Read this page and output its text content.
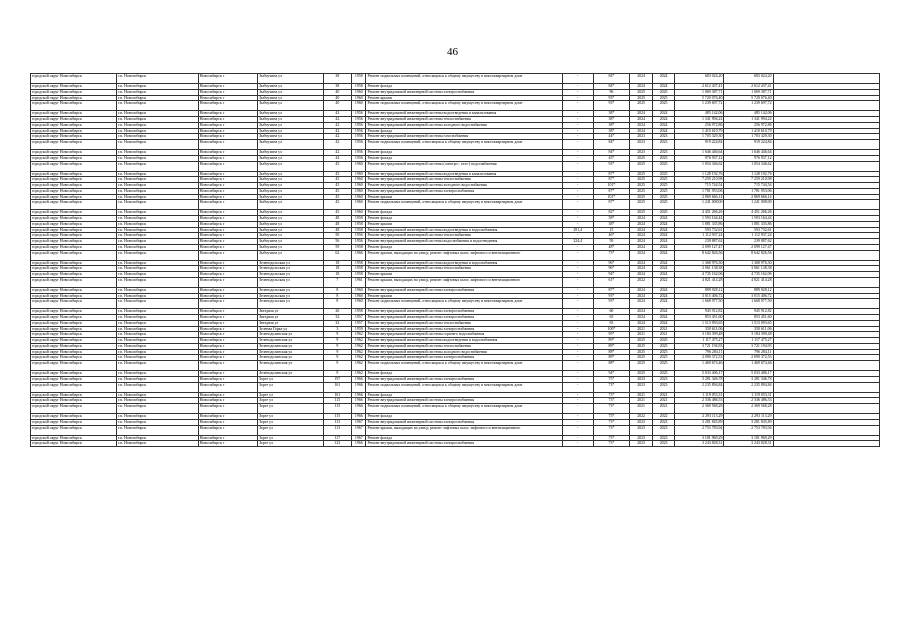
46
городской округ Новосибирск	г.п. Новосибирск	Новосибирск г	Зыбчухина ул	38	1958	Ремонт подвальных помещений, относящихся к общему имуществу в многоквартирном доме	-	84*	2024	2024	683 024,20	683 024,20	
городской округ Новосибирск	г.п. Новосибирск	Новосибирск г	Зыбчухина ул	38	1958	Ремонт фасада	-	84*	2024	2024	2 612 437,41	2 612 437,41	
городской округ Новосибирск	г.п. Новосибирск	Новосибирск г	Зыбчухина ул	40	1960	Ремонт внутридомовой инженерной системы электроснабжения	-	96	2025	2025	1 069 387,71	1 069 387,71	
городской округ Новосибирск	г.п. Новосибирск	Новосибирск г	Зыбчухина ул	40	1960	Ремонт крыши	-	93*	2025	2025	5 720 076,40	5 720 076,40	
городской округ Новосибирск	г.п. Новосибирск	Новосибирск г	Зыбчухина ул	40	1960	Ремонт подвальных помещений, относящихся к общему имуществу в многоквартирном доме	-	93*	2025	2025	1 239 697,72	1 239 697,72	
городской округ Новосибирск	г.п. Новосибирск	Новосибирск г	Зыбчухина ул	42	1956	Ремонт внутридомовой инженерной системы водоотведения и канализования	-	38*	2024	2024	485 142,06	485 142,06	
городской округ Новосибирск	г.п. Новосибирск	Новосибирск г	Зыбчухина ул	42	1956	Ремонт внутридомовой инженерной системы теплоснабжения	-	38*	2024	2024	1 341 994,22	1 341 994,22	
городской округ Новосибирск	г.п. Новосибирск	Новосибирск г	Зыбчухина ул	42	1956	Ремонт внутридомовой инженерной системы холодного водоснабжения	-	38*	2024	2024	256 972,86	256 972,86	
городской округ Новосибирск	г.п. Новосибирск	Новосибирск г	Зыбчухина ул	42	1956	Ремонт фасада	-	38*	2024	2024	1 410 610,79	1 410 610,79	
городской округ Новосибирск	г.п. Новосибирск	Новосибирск г	Зыбчухина ул	42	1956	Ремонт внутридомовой инженерной системы газоснабжения	-	44*	2023	2023	1 703 329,30	1 703 329,30	
городской округ Новосибирск	г.п. Новосибирск	Новосибирск г	Зыбчухина ул	42	1956	Ремонт подвальных помещений, относящихся к общему имуществу в многоквартирном доме	-	84*	2023	2023	919 224,84	919 224,84	
городской округ Новосибирск	г.п. Новосибирск	Новосибирск г	Зыбчухина ул	42	1956	Ремонт фасада	-	84*	2023	2023	1 646 446,64	1 646 446,64	
городской округ Новосибирск	г.п. Новосибирск	Новосибирск г	Зыбчухина ул	44	1956	Ремонт фасада	-	45*	2025	2025	976 937,12	976 937,12	
городской округ Новосибирск	г.п. Новосибирск	Новосибирск г	Зыбчухина ул	45	1960	Ремонт внутридомовой инженерной системы (электро-, газо-) водоснабжения	-	93*	2025	2025	1 054 346,62	1 054 346,62	
городской округ Новосибирск	г.п. Новосибирск	Новосибирск г	Зыбчухина ул	45	1960	Ремонт внутридомовой инженерной системы водоотведения и канализования	-	87*	2025	2025	1 128 192,76	1 128 192,76	
городской округ Новосибирск	г.п. Новосибирск	Новосибирск г	Зыбчухина ул	45	1960	Ремонт внутридомовой инженерной системы теплоснабжения	-	87*	2025	2025	7 259 210,98	7 259 210,98	
городской округ Новосибирск	г.п. Новосибирск	Новосибирск г	Зыбчухина ул	45	1960	Ремонт внутридомовой инженерной системы холодного водоснабжения	-	101*	2025	2025	715 744,54	715 744,54	
городской округ Новосибирск	г.п. Новосибирск	Новосибирск г	Зыбчухина ул	45	1960	Ремонт внутридомовой инженерной системы электроснабжения	-	87*	2025	2025	1 781 953,06	1 781 953,06	
городской округ Новосибирск	г.п. Новосибирск	Новосибирск г	Зыбчухина ул	45	1960	Ремонт крыши	-	101*	2025	2025	2 869 666,14	2 869 666,14	
городской округ Новосибирск	г.п. Новосибирск	Новосибирск г	Зыбчухина ул	45	1960	Ремонт подвальных помещений, относящихся к общему имуществу в многоквартирном доме	-	87*	2025	2025	1 241 008,00	1 241 008,00	
городской округ Новосибирск	г.п. Новосибирск	Новосибирск г	Зыбчухина ул	45	1960	Ремонт фасада	-	82*	2025	2025	4 451 266,26	4 451 266,26	
городской округ Новосибирск	г.п. Новосибирск	Новосибирск г	Зыбчухина ул	48	1958	Ремонт фасада	-	58*	2024	2024	1 593 164,44	1 593 164,44	
городской округ Новосибирск	г.п. Новосибирск	Новосибирск г	Зыбчухина ул	48	1958	Ремонт крыши	-	38*	2024	2024	1 881 335,86	1 881 335,86	
городской округ Новосибирск	г.п. Новосибирск	Новосибирск г	Зыбчухина ул	48	1958	Ремонт внутридомовой инженерной системы водоотведения и водоснабжения	291,4	15	2024	2024	593 732,61	593 732,61	
городской округ Новосибирск	г.п. Новосибирск	Новосибирск г	Зыбчухина ул	50	1956	Ремонт внутридомовой инженерной системы теплоснабжения	-	46*	2024	2024	1 112 937,24	1 112 937,24	
городской округ Новосибирск	г.п. Новосибирск	Новосибирск г	Зыбчухина ул	56	1956	Ремонт внутридомовой инженерной системы водоснабжения и водоотведения	224,4	59	2024	2024	239 887,62	239 887,62	
городской округ Новосибирск	г.п. Новосибирск	Новосибирск г	Зыбчухина ул	59	1958	Ремонт фасада	-	48*	2024	2024	2 099 127,47	2 099 127,47	
городской округ Новосибирск	г.п. Новосибирск	Новосибирск г	Зыбчухина ул	62	1966	Ремонт крыши, выходящих на улицу, ремонт лифтовых шахт, лифтового и вентиляционного	-	73*	2024	2024	8 642 826,56	8 642 826,56	
городской округ Новосибирск	г.п. Новосибирск	Новосибирск г	Зеленодольская ул	18	1958	Ремонт внутридомовой инженерной системы водоотведения и водоснабжения	-	96*	2024	2024	1 368 976,30	1 368 976,30	
городской округ Новосибирск	г.п. Новосибирск	Новосибирск г	Зеленодольская ул	18	1958	Ремонт внутридомовой инженерной системы теплоснабжения	-	96*	2024	2024	3 061 138,38	3 061 138,38	
городской округ Новосибирск	г.п. Новосибирск	Новосибирск г	Зеленодольская ул	18	1958	Ремонт крыши	-	94*	2024	2024	4 735 162,06	4 735 162,06	
городской округ Новосибирск	г.п. Новосибирск	Новосибирск г	Зеленодольская ул	7	1961	Ремонт крыши, выходящих на улицу, ремонт лифтовых шахт, лифтового и вентиляционного	-	61*	2022	2022	4 821 414,28	4 821 414,28	
городской округ Новосибирск	г.п. Новосибирск	Новосибирск г	Зеленодольская ул	8	1960	Ремонт внутридомовой инженерной системы электроснабжения	-	87*	2024	2024	889 928,12	889 928,12	
городской округ Новосибирск	г.п. Новосибирск	Новосибирск г	Зеленодольская ул	8	1960	Ремонт крыши	-	93*	2024	2024	3 015 406,72	3 015 406,72	
городской округ Новосибирск	г.п. Новосибирск	Новосибирск г	Зеленодольская ул	8	1960	Ремонт подвальных помещений, относящихся к общему имуществу в многоквартирном доме	-	93*	2024	2024	1 668 977,50	1 668 977,50	
городской округ Новосибирск	г.п. Новосибирск	Новосибирск г	Звездная ул	26	1958	Ремонт внутридомовой инженерной системы электроснабжения	-	60	2024	2024	945 912,82	945 912,82	
городской округ Новосибирск	г.п. Новосибирск	Новосибирск г	Звездная ул	32	1957	Ремонт внутридомовой инженерной системы электроснабжения	-	65	2024	2024	853 451,60	853 451,60	
городской округ Новосибирск	г.п. Новосибирск	Новосибирск г	Звездная ул	32	1957	Ремонт внутридомовой инженерной системы теплоснабжения	-	65	2024	2024	1 513 093,65	1 513 093,65	
городской округ Новосибирск	г.п. Новосибирск	Новосибирск г	Зеленая Горка ул	3	1959	Ремонт внутридомовой инженерной системы электроснабжения	-	100*	2021	2021	350 611,06	350 611,06	
городской округ Новосибирск	г.п. Новосибирск	Новосибирск г	Зеленодолинская ул	9	1962	Ремонт внутридомовой инженерной системы горячего водоснабжения	-	95*	2021	2021	3 184 399,48	3 184 399,48	
городской округ Новосибирск	г.п. Новосибирск	Новосибирск г	Зеленодолинская ул	9	1962	Ремонт внутридомовой инженерной системы водоотведения и водоснабжения	-	89*	2025	2025	1 117 475,27	1 117 475,27	
городской округ Новосибирск	г.п. Новосибирск	Новосибирск г	Зеленодолинская ул	9	1962	Ремонт внутридомовой инженерной системы теплоснабжения	-	89*	2025	2025	3 721 194,93	3 721 194,93	
городской округ Новосибирск	г.п. Новосибирск	Новосибирск г	Зеленодолинская ул	9	1962	Ремонт внутридомовой инженерной системы холодного водоснабжения	-	88*	2025	2025	796 284,11	796 284,11	
городской округ Новосибирск	г.п. Новосибирск	Новосибирск г	Зеленодолинская ул	9	1962	Ремонт внутридомовой инженерной системы электроснабжения	-	89*	2025	2025	2 090 372,53	2 090 372,53	
городской округ Новосибирск	г.п. Новосибирск	Новосибирск г	Зеленодолинская ул	9	1962	Ремонт подвальных помещений, относящихся к общему имуществу в многоквартирном доме	-	88*	2025	2025	1 469 674,46	1 469 674,46	
городской округ Новосибирск	г.п. Новосибирск	Новосибирск г	Зеленодолинская ул	9	1962	Ремонт фасада	-	94*	2025	2025	5 033 406,17	5 033 406,17	
городской округ Новосибирск	г.п. Новосибирск	Новосибирск г	Зорге ул	197	1966	Ремонт внутридомовой инженерной системы электроснабжения	-	75*	2023	2023	3 281 346,78	3 281 346,78	
городской округ Новосибирск	г.п. Новосибирск	Новосибирск г	Зорге ул	161	1966	Ремонт подвальных помещений, относящихся к общему имуществу в многоквартирном доме	-	73*	2023	2023	2 235 894,84	2 235 894,84	
городской округ Новосибирск	г.п. Новосибирск	Новосибирск г	Зорге ул	161	1966	Ремонт фасада	-	73*	2021	2021	1 119 053,31	1 119 053,31	
городской округ Новосибирск	г.п. Новосибирск	Новосибирск г	Зорге ул	115	1966	Ремонт внутридомовой инженерной системы электроснабжения	-	73*	2021	2021	2 336 486,53	2 336 486,53	
городской округ Новосибирск	г.п. Новосибирск	Новосибирск г	Зорге ул	115	1966	Ремонт подвальных помещений, относящихся к общему имуществу в многоквартирном доме	-	73*	2021	2021	2 369 568,28	2 369 568,28	
городской округ Новосибирск	г.п. Новосибирск	Новосибирск г	Зорге ул	115	1966	Ремонт фасада	-	75*	2022	2022	2 293 113,29	2 293 113,29	
городской округ Новосибирск	г.п. Новосибирск	Новосибирск г	Зорге ул	113	1967	Ремонт внутридомовой инженерной системы электроснабжения	-	73*	2023	2023	3 281 845,89	3 281 845,89	
городской округ Новосибирск	г.п. Новосибирск	Новосибирск г	Зорге ул	113	1967	Ремонт крыши, выходящих на улицу, ремонт лифтовых шахт, лифтового и вентиляционного	-	73*	2023	2023	2 753 783,94	2 753 783,94	
городской округ Новосибирск	г.п. Новосибирск	Новосибирск г	Зорге ул	117	1967	Ремонт фасада	-	75*	2023	2023	3 181 969,29	3 181 969,29	
городской округ Новосибирск	г.п. Новосибирск	Новосибирск г	Зорге ул	123	1966	Ремонт внутридомовой инженерной системы электроснабжения	-	73*	2023	2023	3 243 828,31	3 243 828,31	
